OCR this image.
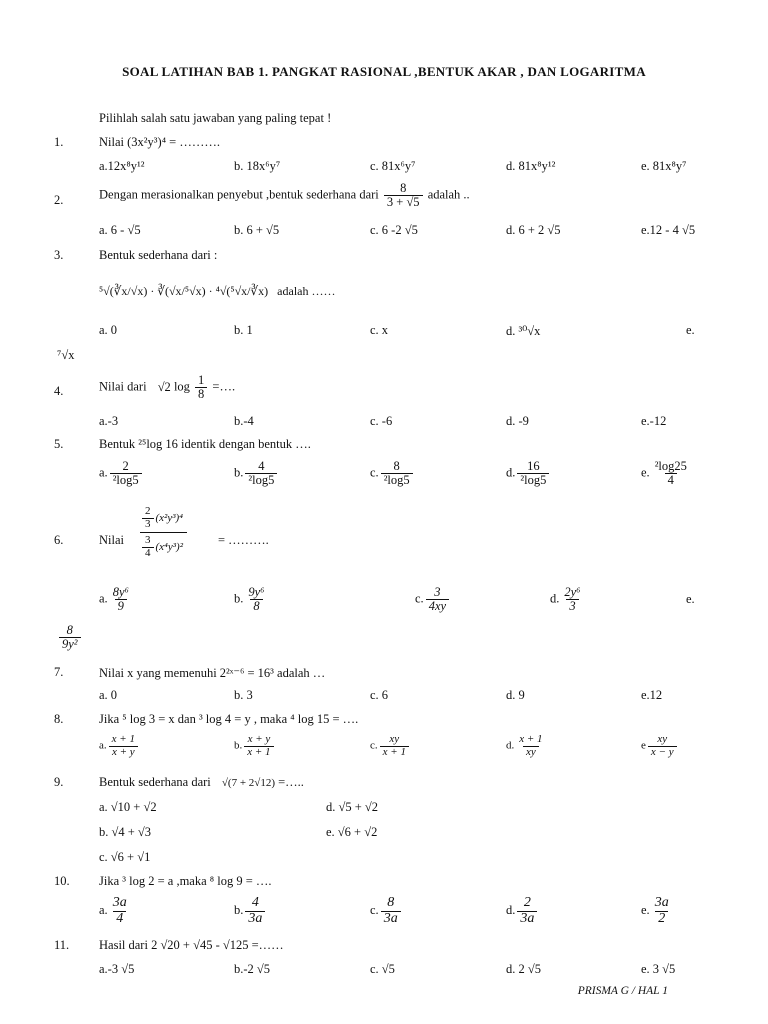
SOAL LATIHAN BAB 1. PANGKAT RASIONAL ,BENTUK AKAR , DAN LOGARITMA
Pilihlah salah satu jawaban yang paling tepat !
1.	Nilai (3x²y³)⁴ = ……….
a.12x⁸y¹²	b. 18x⁶y⁷	c. 81x⁶y⁷	d. 81x⁸y¹²	e. 81x⁸y⁷
2.	Dengan merasionalkan penyebut ,bentuk sederhana dari $\frac{8}{3 + √5}$ adalah ..
a. 6 - √5	b. 6 + √5	c. 6 -2 √5	d. 6 + 2 √5	e.12 - 4 √5
3.	Bentuk sederhana dari :
⁵√(∛x/√x) · ∛(√x/⁵√x) · ⁴√(⁵√x/∛x) adalah ……
a. 0	b. 1	c. x	d. ³⁰√x	e.
⁷√x
4.	Nilai dari √2 $\log \frac{1}{8}$ =….
a.-3	b.-4	c. -6	d. -9	e.-12
5.	Bentuk ²⁵log 16 identik dengan bentuk ….
a. $\frac{2}{\text{²log5}}$	b. $\frac{4}{\text{²log5}}$	c. $\frac{8}{\text{²log5}}$	d. $\frac{16}{\text{²log5}}$	e. $\frac{\text{²log25}}{4}$
6.	Nilai
$\frac{2}{3} (x^2y^3)^4$
$\frac{3}{4} (x^4y^3)^2$
= ……….
a. $\frac{\text{8y⁶}}{9}$	b. $\frac{\text{9y⁶}}{8}$	c. $\frac{3}{4xy}$	d. $\frac{\text{2y⁶}}{3}$	e.
$\frac{8}{\text{9y²}}$
7.	Nilai x yang memenuhi 2²ˣ⁻⁶ = 16³ adalah …
a. 0	b. 3	c. 6	d. 9	e.12
8.	Jika ⁵ log 3 = x dan ³ log 4 = y , maka ⁴ log 15 = ….
a. $\frac{x + 1}{x + y}$	b. $\frac{x + y}{x + 1}$	c. $\frac{xy}{x + 1}$	d. $\frac{x + 1}{xy}$	e $\frac{xy}{x - y}$
9.	Bentuk sederhana dari √(7 + 2√12) =…..
a. √10 + √2	d. √5 + √2
b. √4 + √3	e. √6 + √2
c. √6 + √1
10. Jika ³ log 2 = a ,maka ⁸ log 9 = ….
a. $\frac{3a}{4}$	b. $\frac{4}{3a}$	c. $\frac{8}{3a}$	d. $\frac{2}{3a}$	e. $\frac{3a}{2}$
11. Hasil dari 2 √20 + √45 - √125 =……
a.-3 √5	b.-2 √5	c. √5	d. 2 √5	e. 3 √5
PRISMA G / HAL 1
